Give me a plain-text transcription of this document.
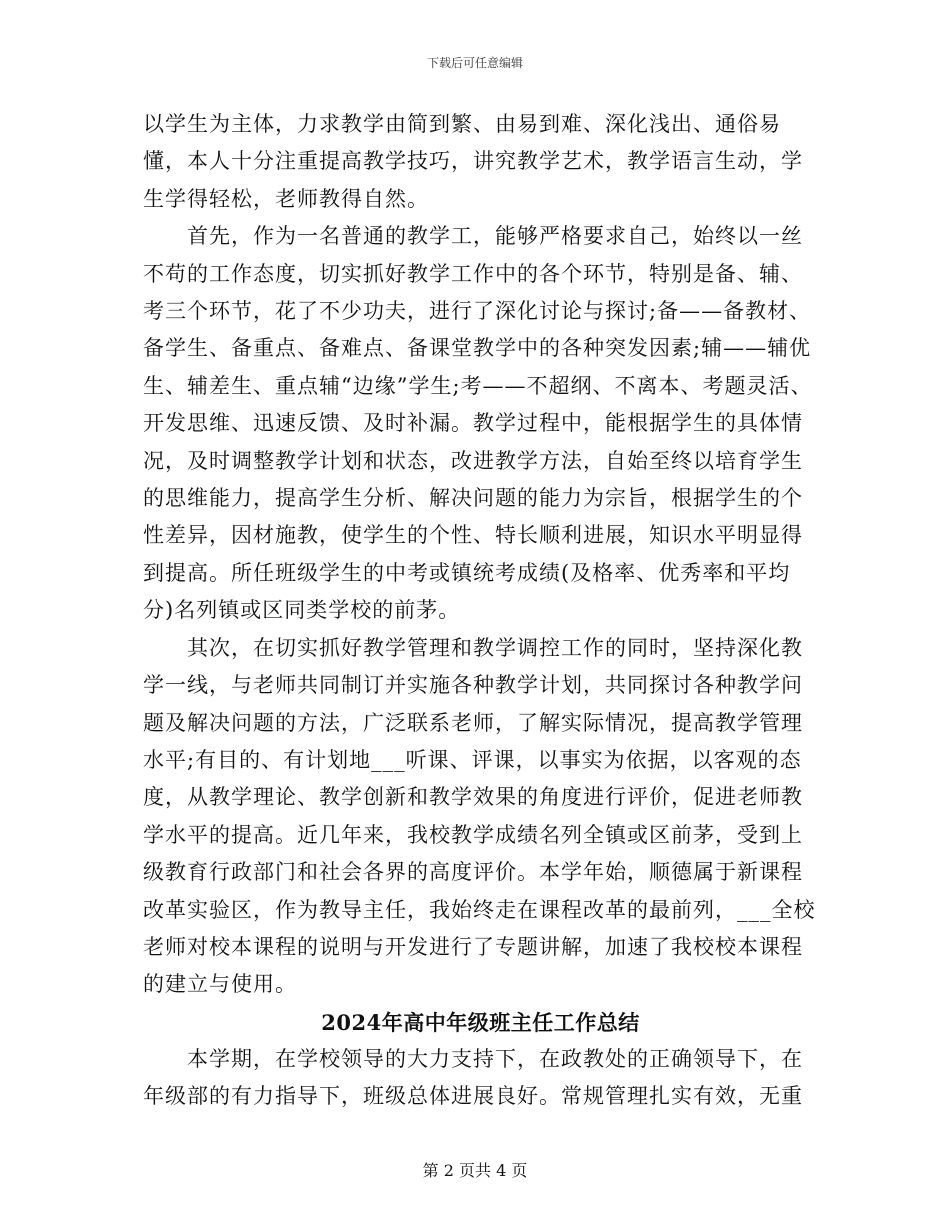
下载后可任意编辑

以学生为主体，力求教学由简到繁、由易到难、深化浅出、通俗易懂，本人十分注重提高教学技巧，讲究教学艺术，教学语言生动，学生学得轻松，老师教得自然。

首先，作为一名普通的教学工，能够严格要求自己，始终以一丝不苟的工作态度，切实抓好教学工作中的各个环节，特别是备、辅、考三个环节，花了不少功夫，进行了深化讨论与探讨;备——备教材、备学生、备重点、备难点、备课堂教学中的各种突发因素;辅——辅优生、辅差生、重点辅“边缘”学生;考——不超纲、不离本、考题灵活、开发思维、迅速反馈、及时补漏。教学过程中，能根据学生的具体情况，及时调整教学计划和状态，改进教学方法，自始至终以培育学生的思维能力，提高学生分析、解决问题的能力为宗旨，根据学生的个性差异，因材施教，使学生的个性、特长顺利进展，知识水平明显得到提高。所任班级学生的中考或镇统考成绩(及格率、优秀率和平均分)名列镇或区同类学校的前茅。

其次，在切实抓好教学管理和教学调控工作的同时，坚持深化教学一线，与老师共同制订并实施各种教学计划，共同探讨各种教学问题及解决问题的方法，广泛联系老师，了解实际情况，提高教学管理水平;有目的、有计划地___听课、评课，以事实为依据，以客观的态度，从教学理论、教学创新和教学效果的角度进行评价，促进老师教学水平的提高。近几年来，我校教学成绩名列全镇或区前茅，受到上级教育行政部门和社会各界的高度评价。本学年始，顺德属于新课程改革实验区，作为教导主任，我始终走在课程改革的最前列，___全校老师对校本课程的说明与开发进行了专题讲解，加速了我校校本课程的建立与使用。

2024年高中年级班主任工作总结

本学期，在学校领导的大力支持下，在政教处的正确领导下，在年级部的有力指导下，班级总体进展良好。常规管理扎实有效，无重

第 2 页共 4 页
